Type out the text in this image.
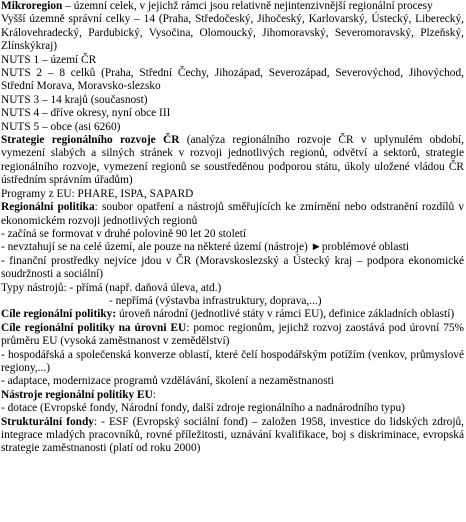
Mikroregion – územní celek, v jejichž rámci jsou relativně nejintenzivnější regionální procesy

Vyšší územně správní celky – 14 (Praha, Středočeský, Jihočeský, Karlovarský, Ústecký, Liberecký, Královehradecký, Pardubický, Vysočina, Olomoucký, Jihomoravský, Severomoravský, Plzeňský, Zlínskýkraj)

NUTS 1 – území ČR

NUTS 2 – 8 celků (Praha, Střední Čechy, Jihozápad, Severozápad, Severovýchod, Jihovýchod, Střední Morava, Moravsko-slezsko

NUTS 3 – 14 krajů (současnost)

NUTS 4 – dříve okresy, nyní obce III

NUTS 5 – obce (asi 6260)

Strategie regionálního rozvoje ČR (analýza regionálního rozvoje ČR v uplynulém období, vymezení slabých a silných stránek v rozvoji jednotlivých regionů, odvětví a sektorů, strategie regionálního rozvoje, vymezení regionů se soustředěnou podporou státu, úkoly uložené vládou ČR ústředním správním úřadům)

Programy z EU: PHARE, ISPA, SAPARD

Regionální politika: soubor opatření a nástrojů směřujících ke zmírnění nebo odstranění rozdílů v ekonomickém rozvoji jednotlivých regionů

- začíná se formovat v druhé polovině 90 let 20 století

- nevztahují se na celé území, ale pouze na některé území (nástroje) ►problémové oblasti

- finanční prostředky nejvíce jdou v ČR (Moravskoslezský a Ústecký kraj – podpora ekonomické soudržnosti a sociální)

Typy nástrojů: - přímá (např. daňová úleva, atd.)

- nepřímá (výstavba infrastruktury, doprava,...)

Cíle regionální politiky: úroveň národní (jednotlivé státy v rámci EU), definice základních oblastí)

Cíle regionální politiky na úrovni EU: pomoc regionům, jejichž rozvoj zaostává pod úrovní 75% průměru EU (vysoká zaměstnanost v zemědělství)

- hospodářská a společenská konverze oblastí, které čelí hospodářským potížím (venkov, průmyslové regiony,...)

- adaptace, modernizace programů vzdělávání, školení a nezaměstnanosti

Nástroje regionální politiky EU:

- dotace (Evropské fondy, Národní fondy, další zdroje regionálního a nadnárodního typu)

Strukturální fondy: - ESF (Evropský sociální fond) – založen 1958, investice do lidských zdrojů, integrace mladých pracovníků, rovné příležitosti, uznávání kvalifikace, boj s diskriminace, evropská strategie zaměstnanosti (platí od roku 2000)
